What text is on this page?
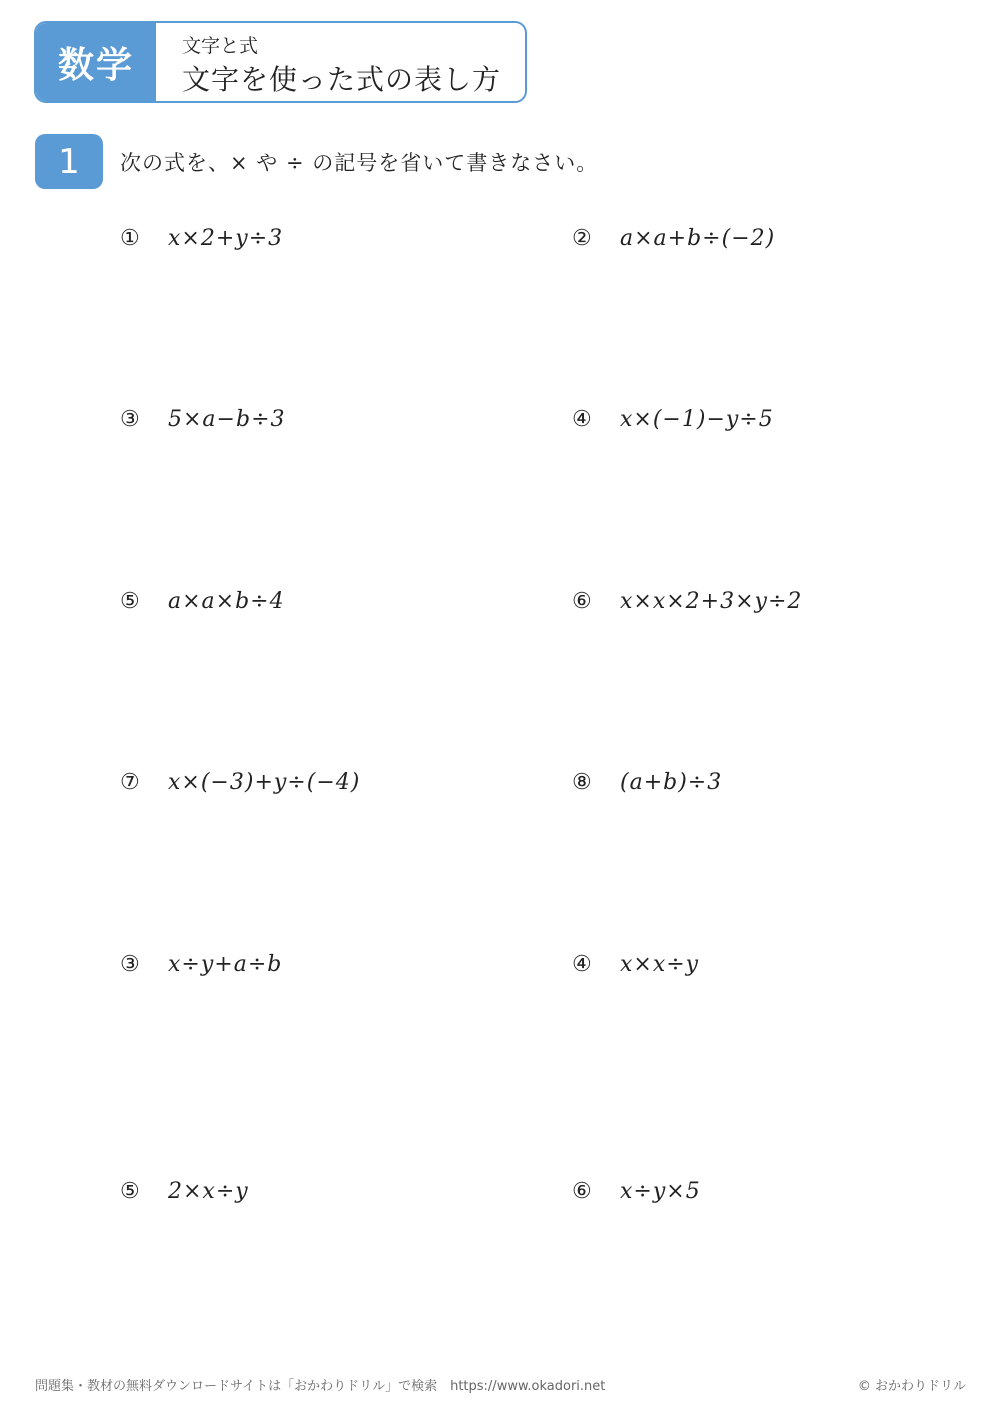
数学	文字と式
文字を使った式の表し方
1	次の式を、× や ÷ の記号を省いて書きなさい。
①	x×2+y÷3	②	a×a+b÷(−2)
③	5×a−b÷3	④	x×(−1)−y÷5
⑤	a×a×b÷4	⑥	x×x×2+3×y÷2
⑦	x×(−3)+y÷(−4)	⑧	(a+b)÷3
③	x÷y+a÷b	④	x×x÷y
⑤	2×x÷y	⑥	x÷y×5
問題集・教材の無料ダウンロードサイトは「おかわりドリル」で検索　https://www.okadori.net	© おかわりドリル
